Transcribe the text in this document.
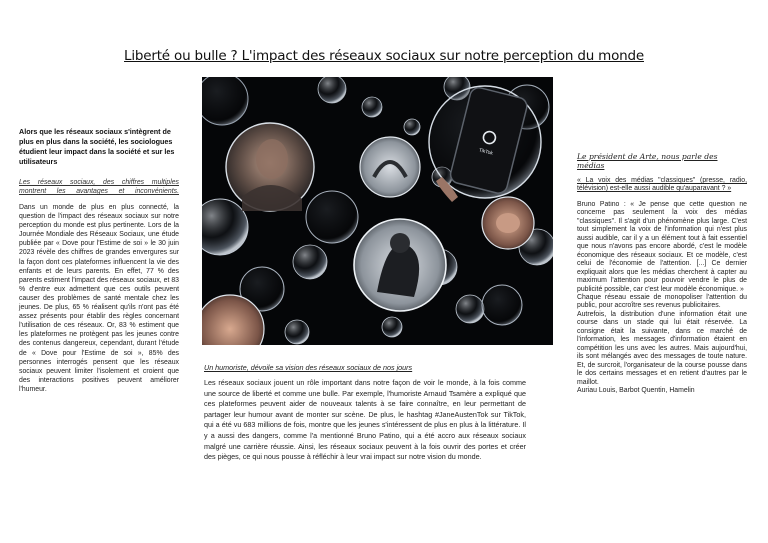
Liberté ou bulle ? L'impact des réseaux sociaux sur notre perception du monde
Alors que les réseaux sociaux s'intègrent de plus en plus dans la société, les sociologues étudient leur impact dans la société et sur les utilisateurs
Les réseaux sociaux, des chiffres multiples montrent les avantages et inconvénients.
Dans un monde de plus en plus connecté, la question de l'impact des réseaux sociaux sur notre perception du monde est plus pertinente. Lors de la Journée Mondiale des Réseaux Sociaux, une étude publiée par « Dove pour l'Estime de soi » le 30 juin 2023 révèle des chiffres de grandes envergures sur la façon dont ces plateformes influencent la vie des enfants et de leurs parents. En effet, 77 % des parents estiment l'impact des réseaux sociaux, et 83 % d'entre eux admettent que ces outils peuvent causer des problèmes de santé mentale chez les jeunes. De plus, 65 % réalisent qu'ils n'ont pas été assez présents pour établir des règles concernant l'utilisation de ces réseaux. Or, 83 % estiment que les plateformes ne protègent pas les jeunes contre des contenus dangereux, cependant, durant l'étude de « Dove pour l'Estime de soi », 85% des personnes interrogés pensent que les réseaux sociaux peuvent limiter l'isolement et croient que des interactions positives peuvent améliorer l'humeur.
TikTok
Un humoriste, dévoile sa vision des réseaux sociaux de nos jours
Les réseaux sociaux jouent un rôle important dans notre façon de voir le monde, à la fois comme une source de liberté et comme une bulle. Par exemple, l'humoriste Arnaud Tsamère a expliqué que ces plateformes peuvent aider de nouveaux talents à se faire connaître, en leur permettant de partager leur humour avant de monter sur scène. De plus, le hashtag #JaneAustenTok sur TikTok, qui a été vu 683 millions de fois, montre que les jeunes s'intéressent de plus en plus à la littérature. Il y a aussi des dangers, comme l'a mentionné Bruno Patino, qui a été accro aux réseaux sociaux malgré une carrière réussie. Ainsi, les réseaux sociaux peuvent à la fois ouvrir des portes et créer des pièges, ce qui nous pousse à réfléchir à leur vrai impact sur notre vision du monde.
Le président de Arte, nous parle des médias
« La voix des médias "classiques" (presse, radio, télévision) est-elle aussi audible qu'auparavant ? »

Bruno Patino : « Je pense que cette question ne concerne pas seulement la voix des médias "classiques". Il s'agit d'un phénomène plus large. C'est tout simplement la voix de l'information qui n'est plus aussi audible, car il y a un élément tout à fait essentiel que nous n'avons pas encore abordé, c'est le modèle économique des réseaux sociaux. Et ce modèle, c'est celui de l'économie de l'attention. [...] Ce dernier expliquait alors que les médias cherchent à capter au maximum l'attention pour pouvoir vendre le plus de publicité possible, car c'est leur modèle économique. »

Chaque réseau essaie de monopoliser l'attention du public, pour accroître ses revenus publicitaires.

Autrefois, la distribution d'une information était une course dans un stade qui lui était réservée. La consigne était la suivante, dans ce marché de l'information, les messages d'information étaient en compétition les uns avec les autres. Mais aujourd'hui, ils sont mélangés avec des messages de toute nature. Et, de surcroit, l'organisateur de la course pousse dans le dos certains messages et en retient d'autres par le maillot.

Auriau Louis, Barbot Quentin, Hamelin
